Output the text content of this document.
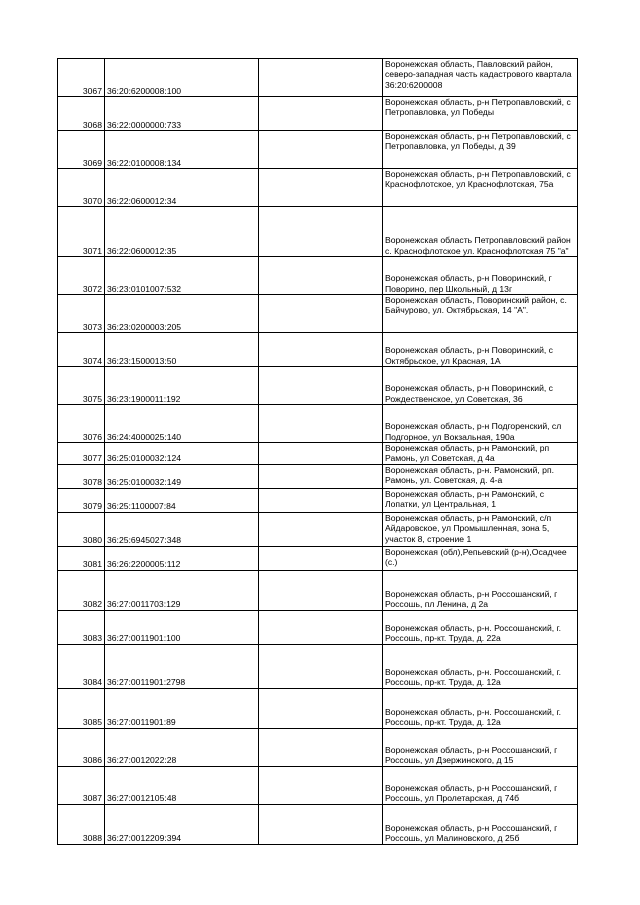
3067	36:20:6200008:100		Воронежская область, Павловский район, северо-западная часть кадастрового квартала 36:20:6200008

3068	36:22:0000000:733		Воронежская область, р-н Петропавловский, с Петропавловка, ул Победы

3069	36:22:0100008:134		Воронежская область, р-н Петропавловский, с Петропавловка, ул Победы, д 39

3070	36:22:0600012:34		Воронежская область, р-н Петропавловский, с Краснофлотское, ул Краснофлотская, 75а

3071	36:22:0600012:35		Воронежская область Петропавловский район с. Краснофлотское ул. Краснофлотская 75 "а"

3072	36:23:0101007:532		Воронежская область, р-н Поворинский, г Поворино, пер Школьный, д 13г

3073	36:23:0200003:205		Воронежская область, Поворинский район, с. Байчурово, ул. Октябрьская, 14 "А".

3074	36:23:1500013:50		Воронежская область, р-н Поворинский, с Октябрьское, ул Красная, 1А

3075	36:23:1900011:192		Воронежская область, р-н Поворинский, с Рождественское, ул Советская, 36

3076	36:24:4000025:140		Воронежская область, р-н Подгоренский, сл Подгорное, ул Вокзальная, 190а

3077	36:25:0100032:124		Воронежская область, р-н Рамонский, рп Рамонь, ул Советская, д 4а

3078	36:25:0100032:149		Воронежская область, р-н. Рамонский, рп. Рамонь, ул. Советская, д. 4-а

3079	36:25:1100007:84		Воронежская область, р-н Рамонский, с Лопатки, ул Центральная, 1

3080	36:25:6945027:348		Воронежская область, р-н Рамонский, с/п Айдаровское, ул Промышленная, зона 5, участок 8, строение 1

3081	36:26:2200005:112		Воронежская (обл),Репьевский (р-н),Осадчее (с.)

3082	36:27:0011703:129		Воронежская область, р-н Россошанский, г Россошь, пл Ленина, д 2а

3083	36:27:0011901:100		Воронежская область, р-н. Россошанский, г. Россошь, пр-кт. Труда, д. 22а

3084	36:27:0011901:2798		Воронежская область, р-н. Россошанский, г. Россошь, пр-кт. Труда, д. 12а

3085	36:27:0011901:89		Воронежская область, р-н. Россошанский, г. Россошь, пр-кт. Труда, д. 12а

3086	36:27:0012022:28		Воронежская область, р-н Россошанский, г Россошь, ул Дзержинского, д 15

3087	36:27:0012105:48		Воронежская область, р-н Россошанский, г Россошь, ул Пролетарская, д 74б

3088	36:27:0012209:394		Воронежская область, р-н Россошанский, г Россошь, ул Малиновского, д 25б
